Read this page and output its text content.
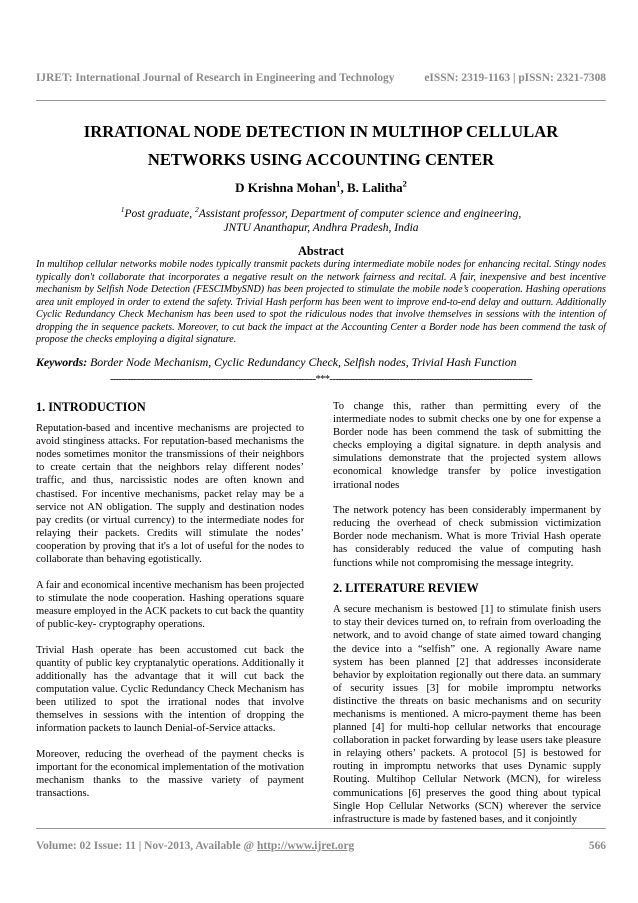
IJRET: International Journal of Research in Engineering and Technology	eISSN: 2319-1163 | pISSN: 2321-7308
IRRATIONAL NODE DETECTION IN MULTIHOP CELLULAR
NETWORKS USING ACCOUNTING CENTER
D Krishna Mohan$^1$, B. Lalitha$^2$
$^1$Post graduate, $^2$Assistant professor, Department of computer science and engineering,
JNTU Ananthapur, Andhra Pradesh, India
Abstract
In multihop cellular networks mobile nodes typically transmit packets during intermediate mobile nodes for enhancing recital. Stingy nodes typically don't collaborate that incorporates a negative result on the network fairness and recital. A fair, inexpensive and best incentive mechanism by Selfish Node Detection (FESCIMbySND) has been projected to stimulate the mobile node’s cooperation. Hashing operations area unit employed in order to extend the safety. Trivial Hash perform has been went to improve end-to-end delay and outturn. Additionally Cyclic Redundancy Check Mechanism has been used to spot the ridiculous nodes that involve themselves in sessions with the intention of dropping the in sequence packets. Moreover, to cut back the impact at the Accounting Center a Border node has been commend the task of propose the checks employing a digital signature.
Keywords: Border Node Mechanism, Cyclic Redundancy Check, Selfish nodes, Trivial Hash Function
-----------------------------------------------------------------------***----------------------------------------------------------------------
1. INTRODUCTION

Reputation-based and incentive mechanisms are projected to avoid stinginess attacks. For reputation-based mechanisms the nodes sometimes monitor the transmissions of their neighbors to create certain that the neighbors relay different nodes’ traffic, and thus, narcissistic nodes are often known and chastised. For incentive mechanisms, packet relay may be a service not AN obligation. The supply and destination nodes pay credits (or virtual currency) to the intermediate nodes for relaying their packets. Credits will stimulate the nodes’ cooperation by proving that it's a lot of useful for the nodes to collaborate than behaving egotistically.

A fair and economical incentive mechanism has been projected to stimulate the node cooperation. Hashing operations square measure employed in the ACK packets to cut back the quantity of public-key- cryptography operations.

Trivial Hash operate has been accustomed cut back the quantity of public key cryptanalytic operations. Additionally it additionally has the advantage that it will cut back the computation value. Cyclic Redundancy Check Mechanism has been utilized to spot the irrational nodes that involve themselves in sessions with the intention of dropping the information packets to launch Denial-of-Service attacks.

Moreover, reducing the overhead of the payment checks is important for the economical implementation of the motivation mechanism thanks to the massive variety of payment transactions.

To change this, rather than permitting every of the intermediate nodes to submit checks one by one for expense a Border node has been commend the task of submitting the checks employing a digital signature. in depth analysis and simulations demonstrate that the projected system allows economical knowledge transfer by police investigation irrational nodes

The network potency has been considerably impermanent by reducing the overhead of check submission victimization Border node mechanism. What is more Trivial Hash operate has considerably reduced the value of computing hash functions while not compromising the message integrity.

2. LITERATURE REVIEW

A secure mechanism is bestowed [1] to stimulate finish users to stay their devices turned on, to refrain from overloading the network, and to avoid change of state aimed toward changing the device into a “selfish” one. A regionally Aware name system has been planned [2] that addresses inconsiderate behavior by exploitation regionally out there data. an summary of security issues [3] for mobile impromptu networks distinctive the threats on basic mechanisms and on security mechanisms is mentioned. A micro-payment theme has been planned [4] for multi-hop cellular networks that encourage collaboration in packet forwarding by lease users take pleasure in relaying others’ packets. A protocol [5] is bestowed for routing in impromptu networks that uses Dynamic supply Routing. Multihop Cellular Network (MCN), for wireless communications [6] preserves the good thing about typical Single Hop Cellular Networks (SCN) wherever the service infrastructure is made by fastened bases, and it conjointly

Volume: 02 Issue: 11 | Nov-2013, Available @ http://www.ijret.org	566
